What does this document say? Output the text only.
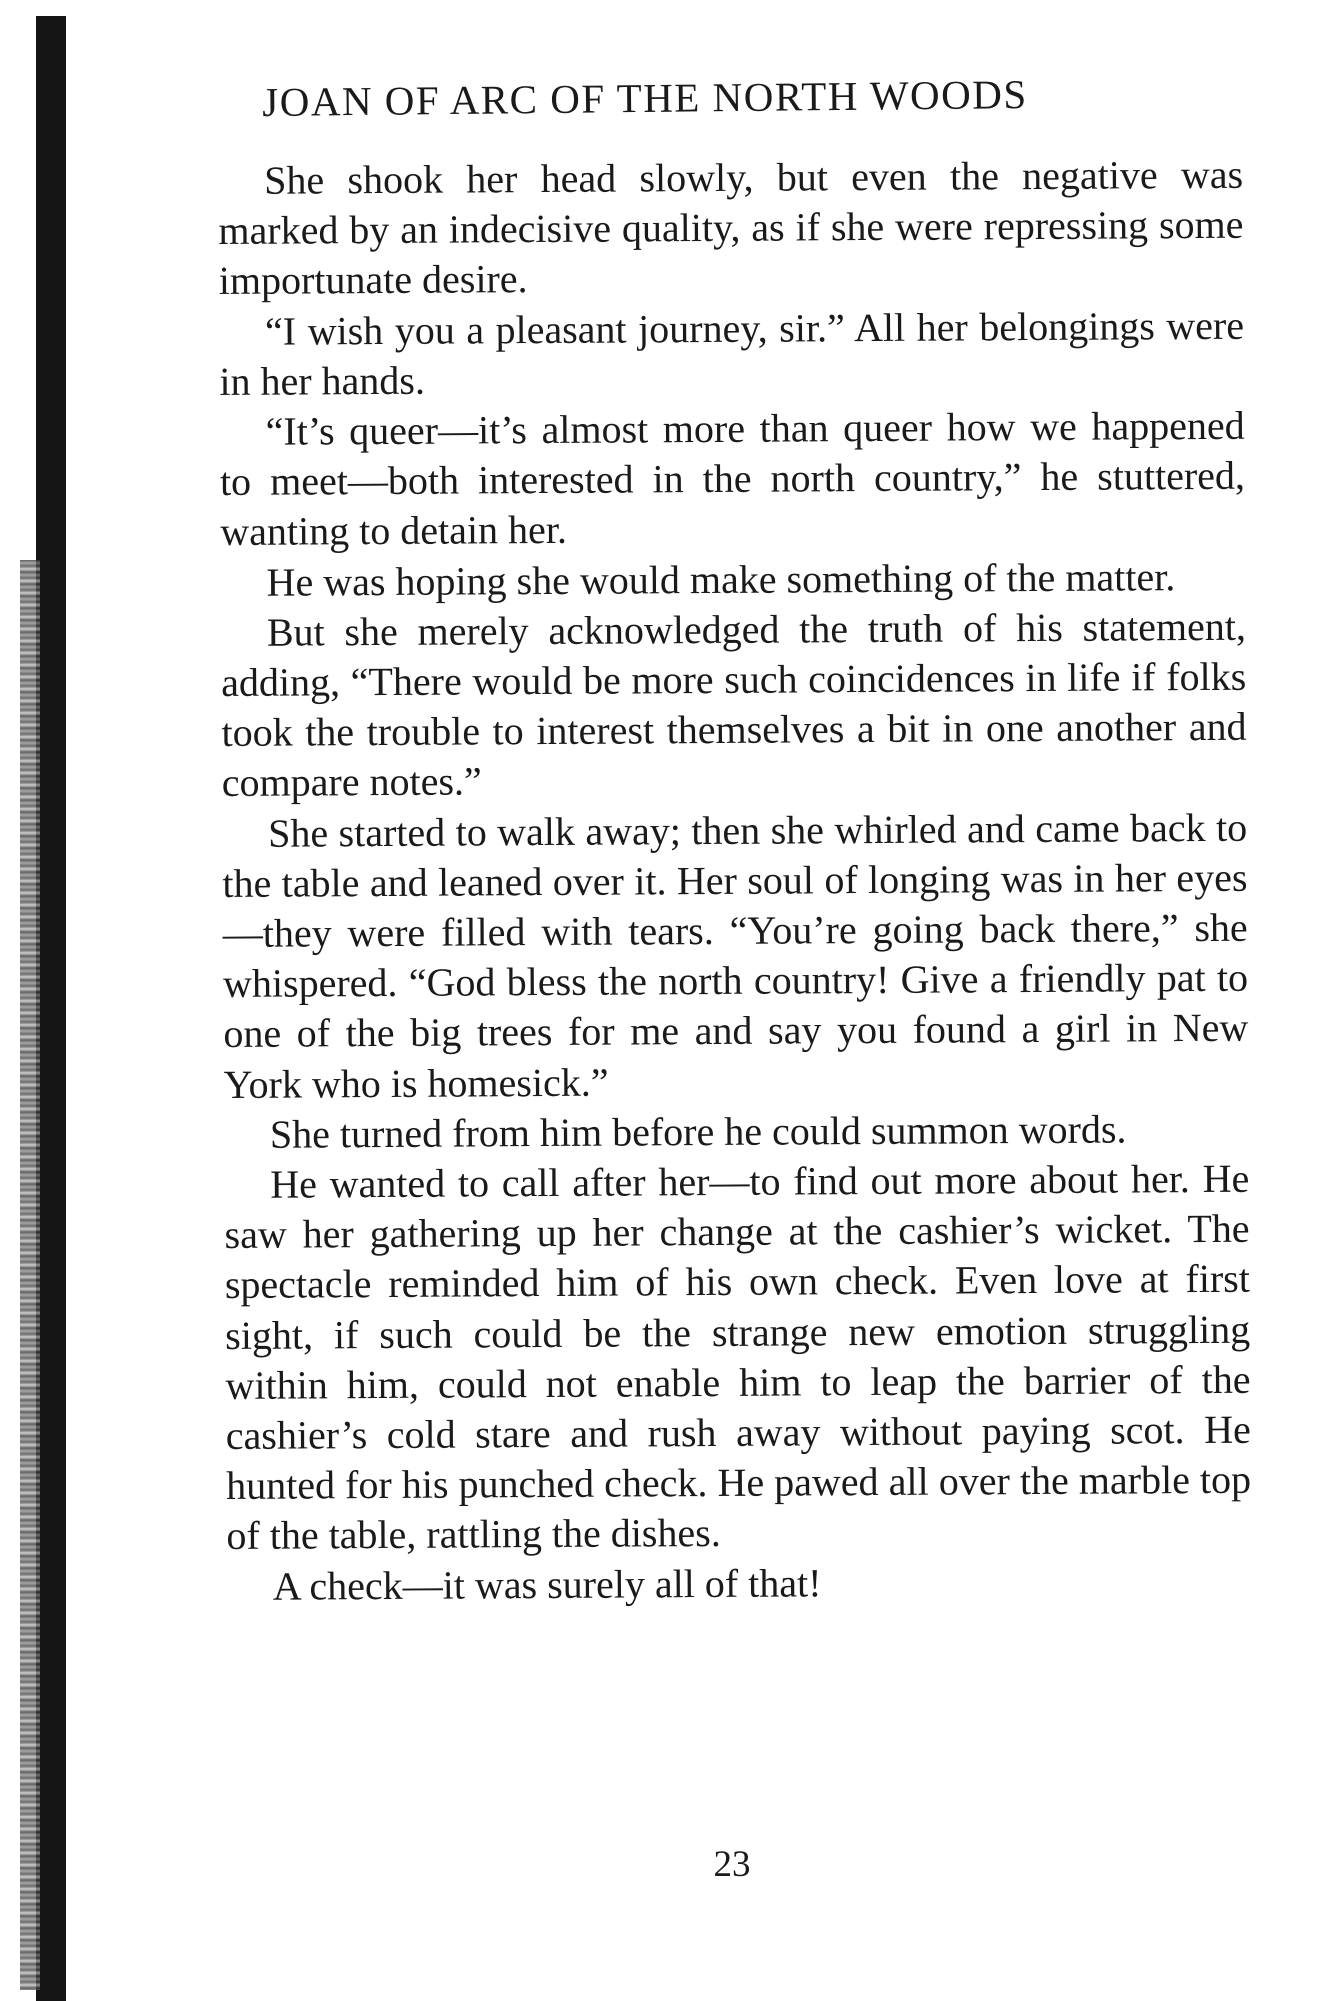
JOAN OF ARC OF THE NORTH WOODS

She shook her head slowly, but even the negative was marked by an indecisive quality, as if she were repressing some importunate desire.

“I wish you a pleasant journey, sir.” All her belongings were in her hands.

“It’s queer—it’s almost more than queer how we happened to meet—both interested in the north country,” he stuttered, wanting to detain her.

He was hoping she would make something of the matter.

But she merely acknowledged the truth of his statement, adding, “There would be more such coincidences in life if folks took the trouble to interest themselves a bit in one another and compare notes.”

She started to walk away; then she whirled and came back to the table and leaned over it. Her soul of longing was in her eyes—they were filled with tears. “You’re going back there,” she whispered. “God bless the north country! Give a friendly pat to one of the big trees for me and say you found a girl in New York who is homesick.”

She turned from him before he could summon words.

He wanted to call after her—to find out more about her. He saw her gathering up her change at the cashier’s wicket. The spectacle reminded him of his own check. Even love at first sight, if such could be the strange new emotion struggling within him, could not enable him to leap the barrier of the cashier’s cold stare and rush away without paying scot. He hunted for his punched check. He pawed all over the marble top of the table, rattling the dishes.

A check—it was surely all of that!

23
